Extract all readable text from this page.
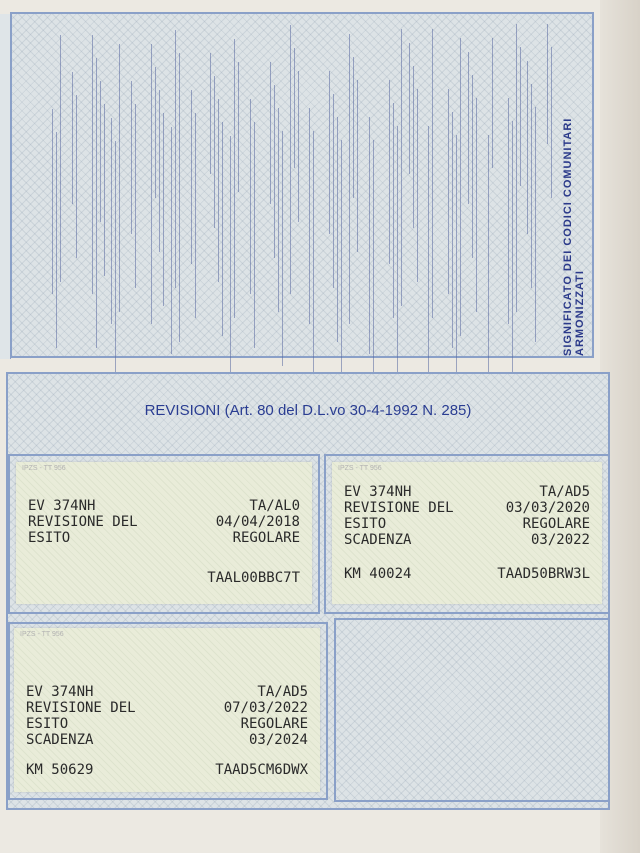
SIGNIFICATO DEI CODICI COMUNITARI ARMONIZZATI
REVISIONI (Art. 80 del D.L.vo 30-4-1992 N. 285)
IPZS - TT 956
EV 374NH	TA/AL0
REVISIONE DEL	04/04/2018
ESITO	REGOLARE
TAAL00BBC7T
IPZS - TT 956
EV 374NH	TA/AD5
REVISIONE DEL	03/03/2020
ESITO	REGOLARE
SCADENZA	03/2022
KM 40024	TAAD50BRW3L
IPZS - TT 956
EV 374NH	TA/AD5
REVISIONE DEL	07/03/2022
ESITO	REGOLARE
SCADENZA	03/2024
KM 50629	TAAD5CM6DWX
